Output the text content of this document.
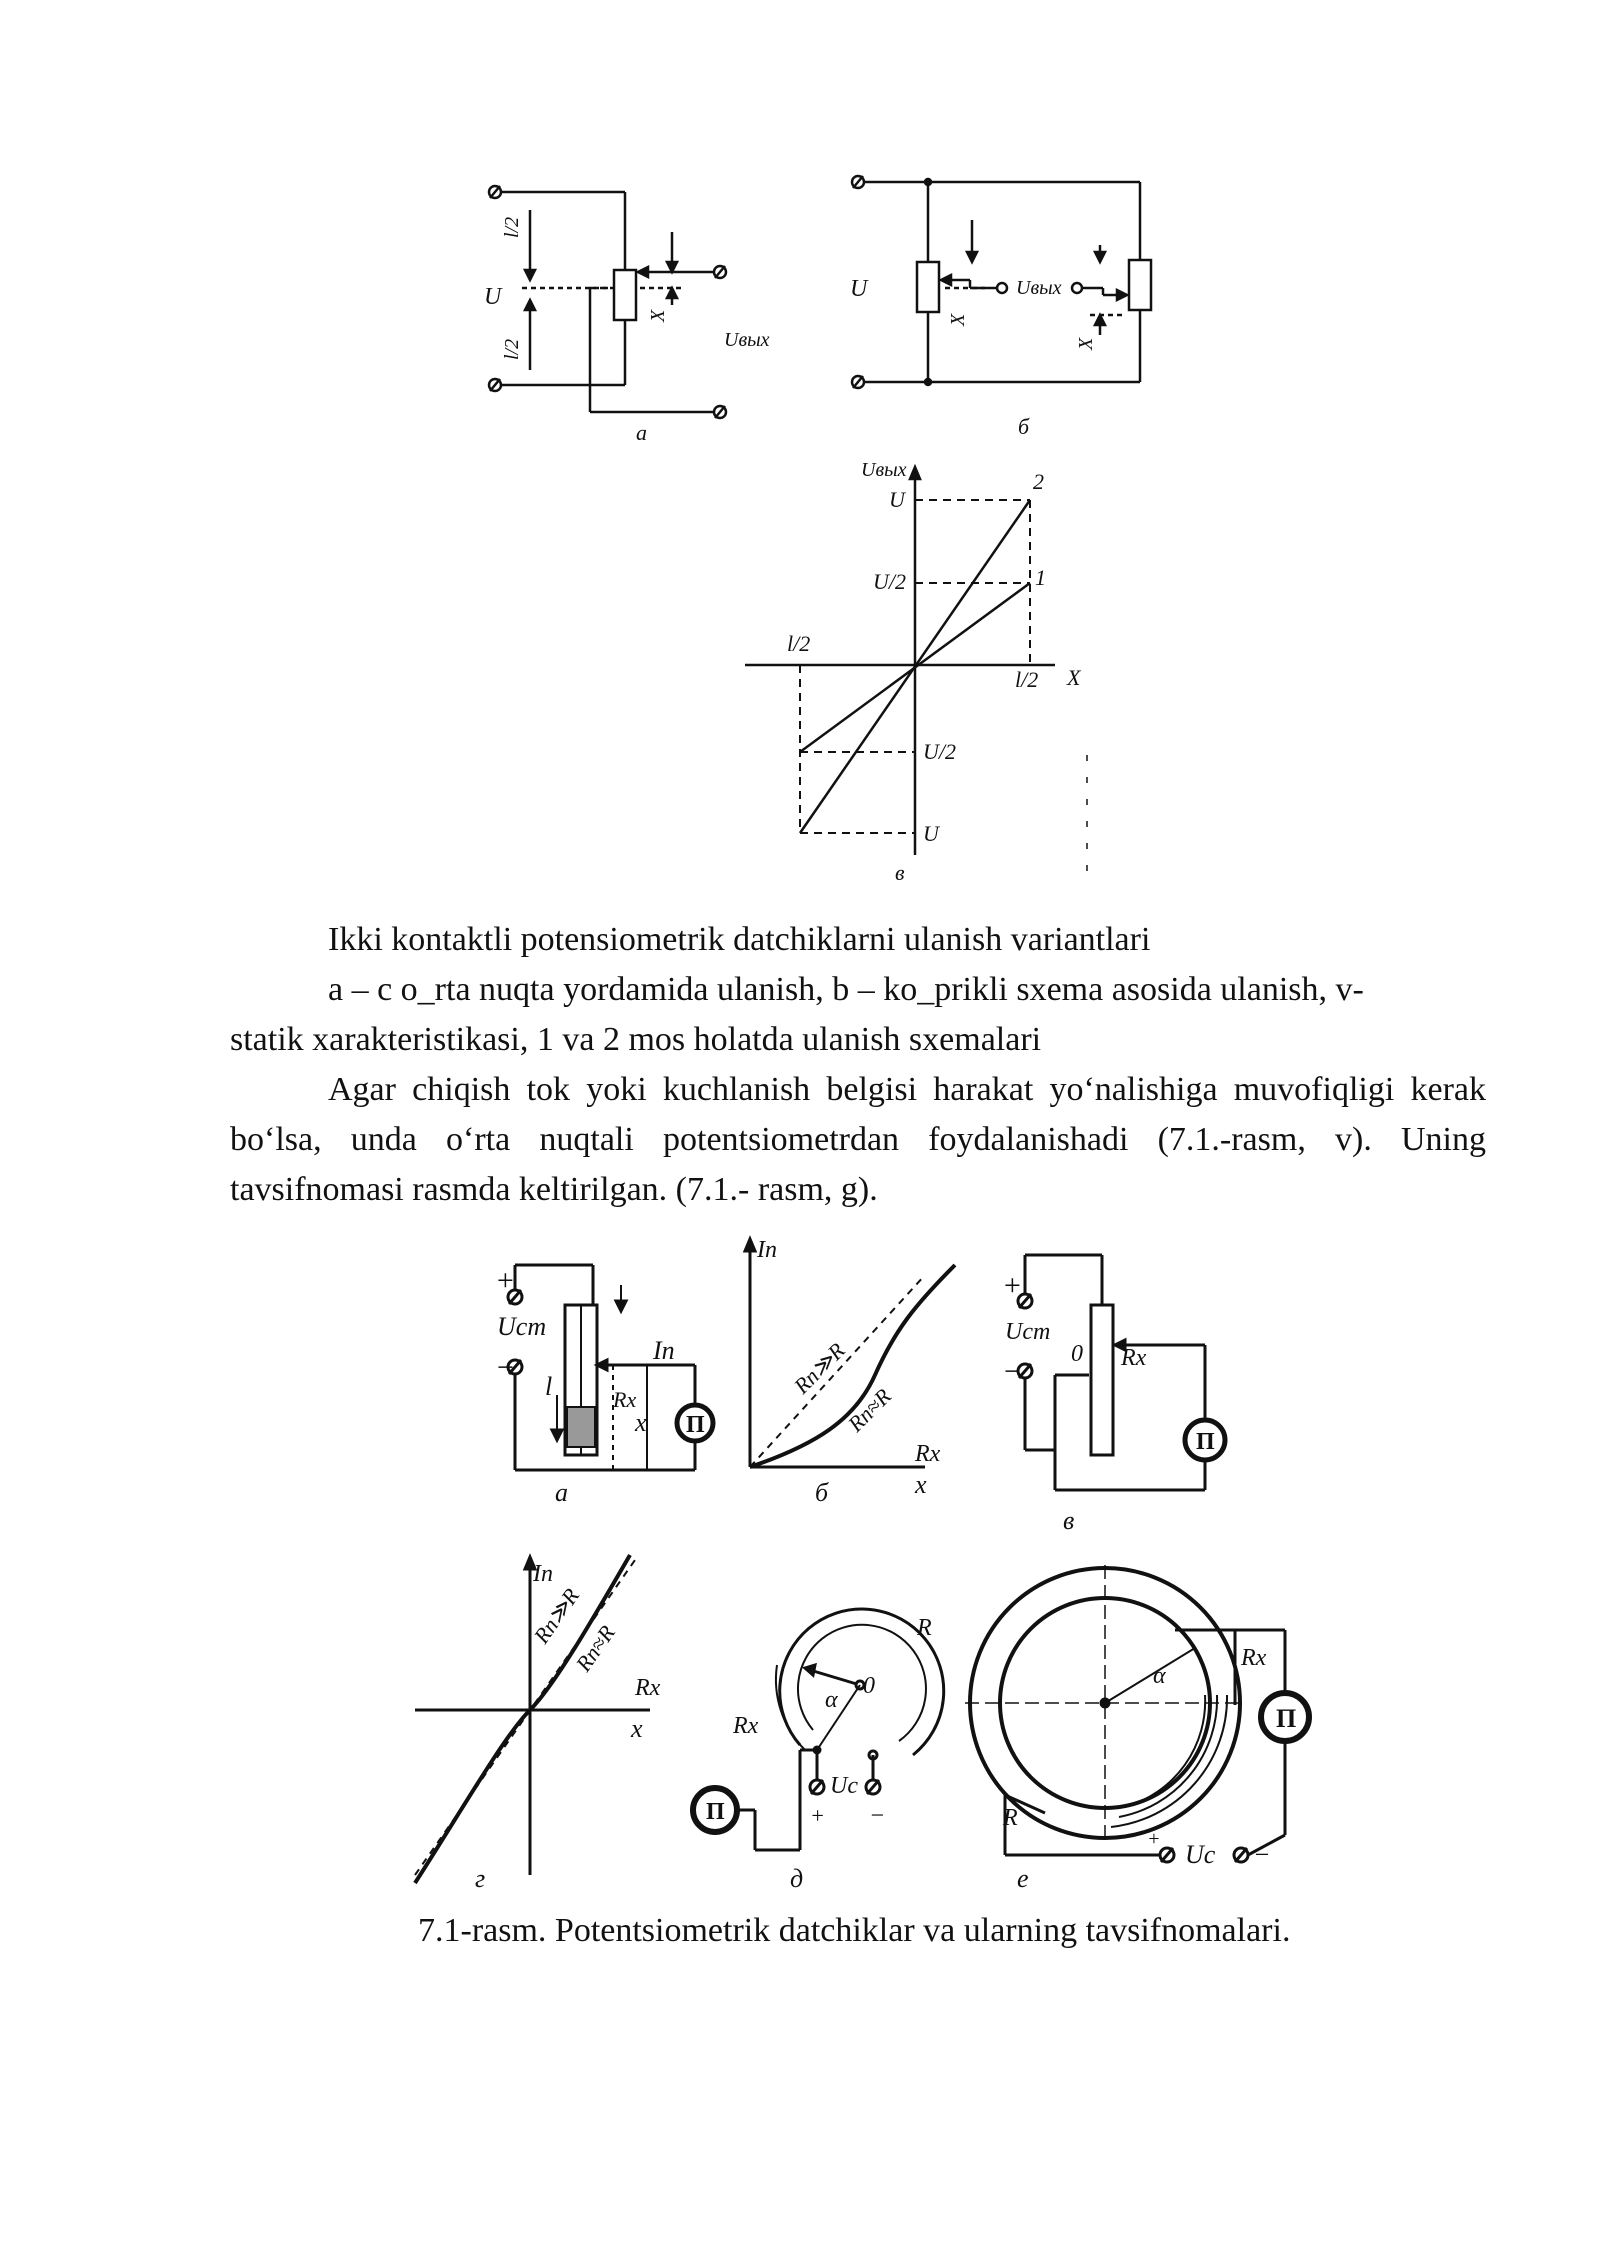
U
l/2
l/2
X
Uвых
а
U
X
X
Uвых
б
Uвых
X
U
U/2
l/2
l/2
U/2
U
1
2
в
Ikki kontaktli potensiometrik datchiklarni ulanish variantlari
a – c o_rta nuqta yordamida ulanish, b – ko_prikli sxema asosida ulanish, v-
statik xarakteristikasi, 1 va 2 mos holatda ulanish sxemalari
Agar chiqish tok yoki kuchlanish belgisi harakat yo‘nalishiga muvofiqligi kerak bo‘lsa, unda o‘rta nuqtali potentsiometrdan foydalanishadi (7.1.-rasm, v). Uning tavsifnomasi rasmda keltirilgan. (7.1.- rasm, g).
+
−
Uст
l
Iп
Rx
x П
а
Iп
Rп≫R
Rп≈R
Rx
x
б
+
−
Ucm
0 Rx
П
в
Iп
Rп≫R
Rп≈R
Rx
x
г
R
0
α
Rx
Uс
+ −
П
д
α
Rx
R
+
Uс −
П
е
7.1-rasm. Potentsiometrik datchiklar va ularning tavsifnomalari.
